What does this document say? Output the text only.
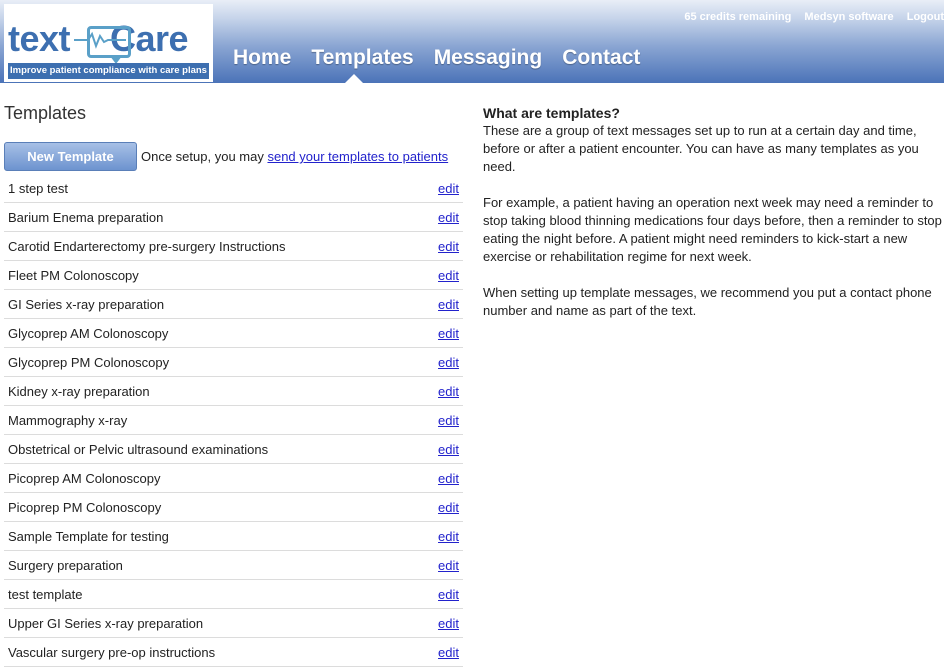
text Care
Improve patient compliance with care plans
65 credits remaining Medsyn software Logout
Home Templates Messaging Contact
Templates
New Template	Once setup, you may
send your templates to patients
1 step test	edit
Barium Enema preparation	edit
Carotid Endarterectomy pre-surgery Instructions	edit
Fleet PM Colonoscopy	edit
GI Series x-ray preparation	edit
Glycoprep AM Colonoscopy	edit
Glycoprep PM Colonoscopy	edit
Kidney x-ray preparation	edit
Mammography x-ray	edit
Obstetrical or Pelvic ultrasound examinations	edit
Picoprep AM Colonoscopy	edit
Picoprep PM Colonoscopy	edit
Sample Template for testing	edit
Surgery preparation	edit
test template	edit
Upper GI Series x-ray preparation	edit
Vascular surgery pre-op instructions	edit
What are templates?

These are a group of text messages set up to run at a certain day and time, before or after a patient encounter. You can have as many templates as you need.

For example, a patient having an operation next week may need a reminder to stop taking blood thinning medications four days before, then a reminder to stop eating the night before. A patient might need reminders to kick-start a new exercise or rehabilitation regime for next week.

When setting up template messages, we recommend you put a contact phone number and name as part of the text.
